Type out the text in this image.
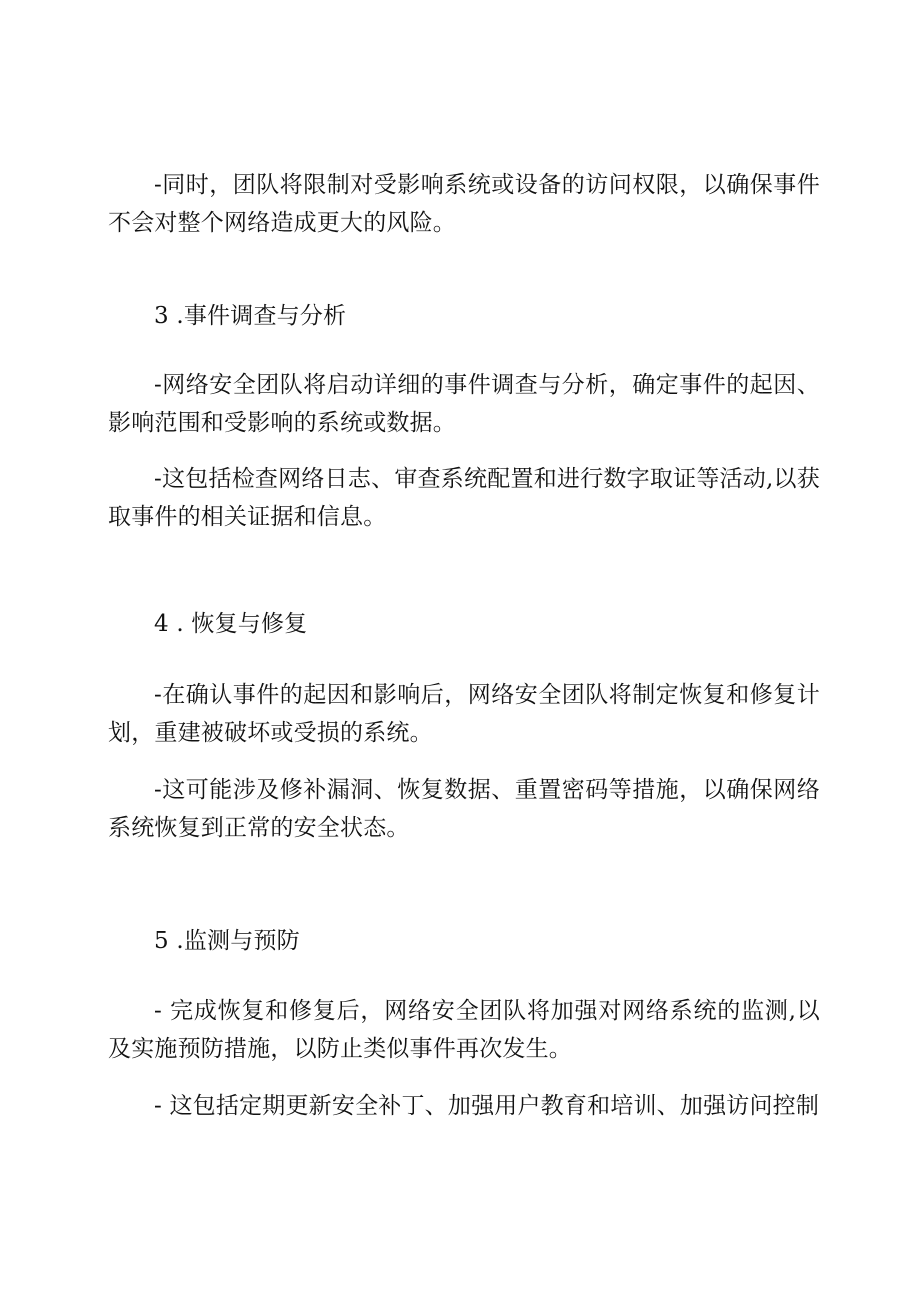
-同时，团队将限制对受影响系统或设备的访问权限，以确保事件不会对整个网络造成更大的风险。

3 .事件调查与分析

-网络安全团队将启动详细的事件调查与分析，确定事件的起因、影响范围和受影响的系统或数据。

-这包括检查网络日志、审查系统配置和进行数字取证等活动,以获取事件的相关证据和信息。

4 . 恢复与修复

-在确认事件的起因和影响后，网络安全团队将制定恢复和修复计划，重建被破坏或受损的系统。

-这可能涉及修补漏洞、恢复数据、重置密码等措施，以确保网络系统恢复到正常的安全状态。

5 .监测与预防

- 完成恢复和修复后，网络安全团队将加强对网络系统的监测,以及实施预防措施，以防止类似事件再次发生。

- 这包括定期更新安全补丁、加强用户教育和培训、加强访问控制
